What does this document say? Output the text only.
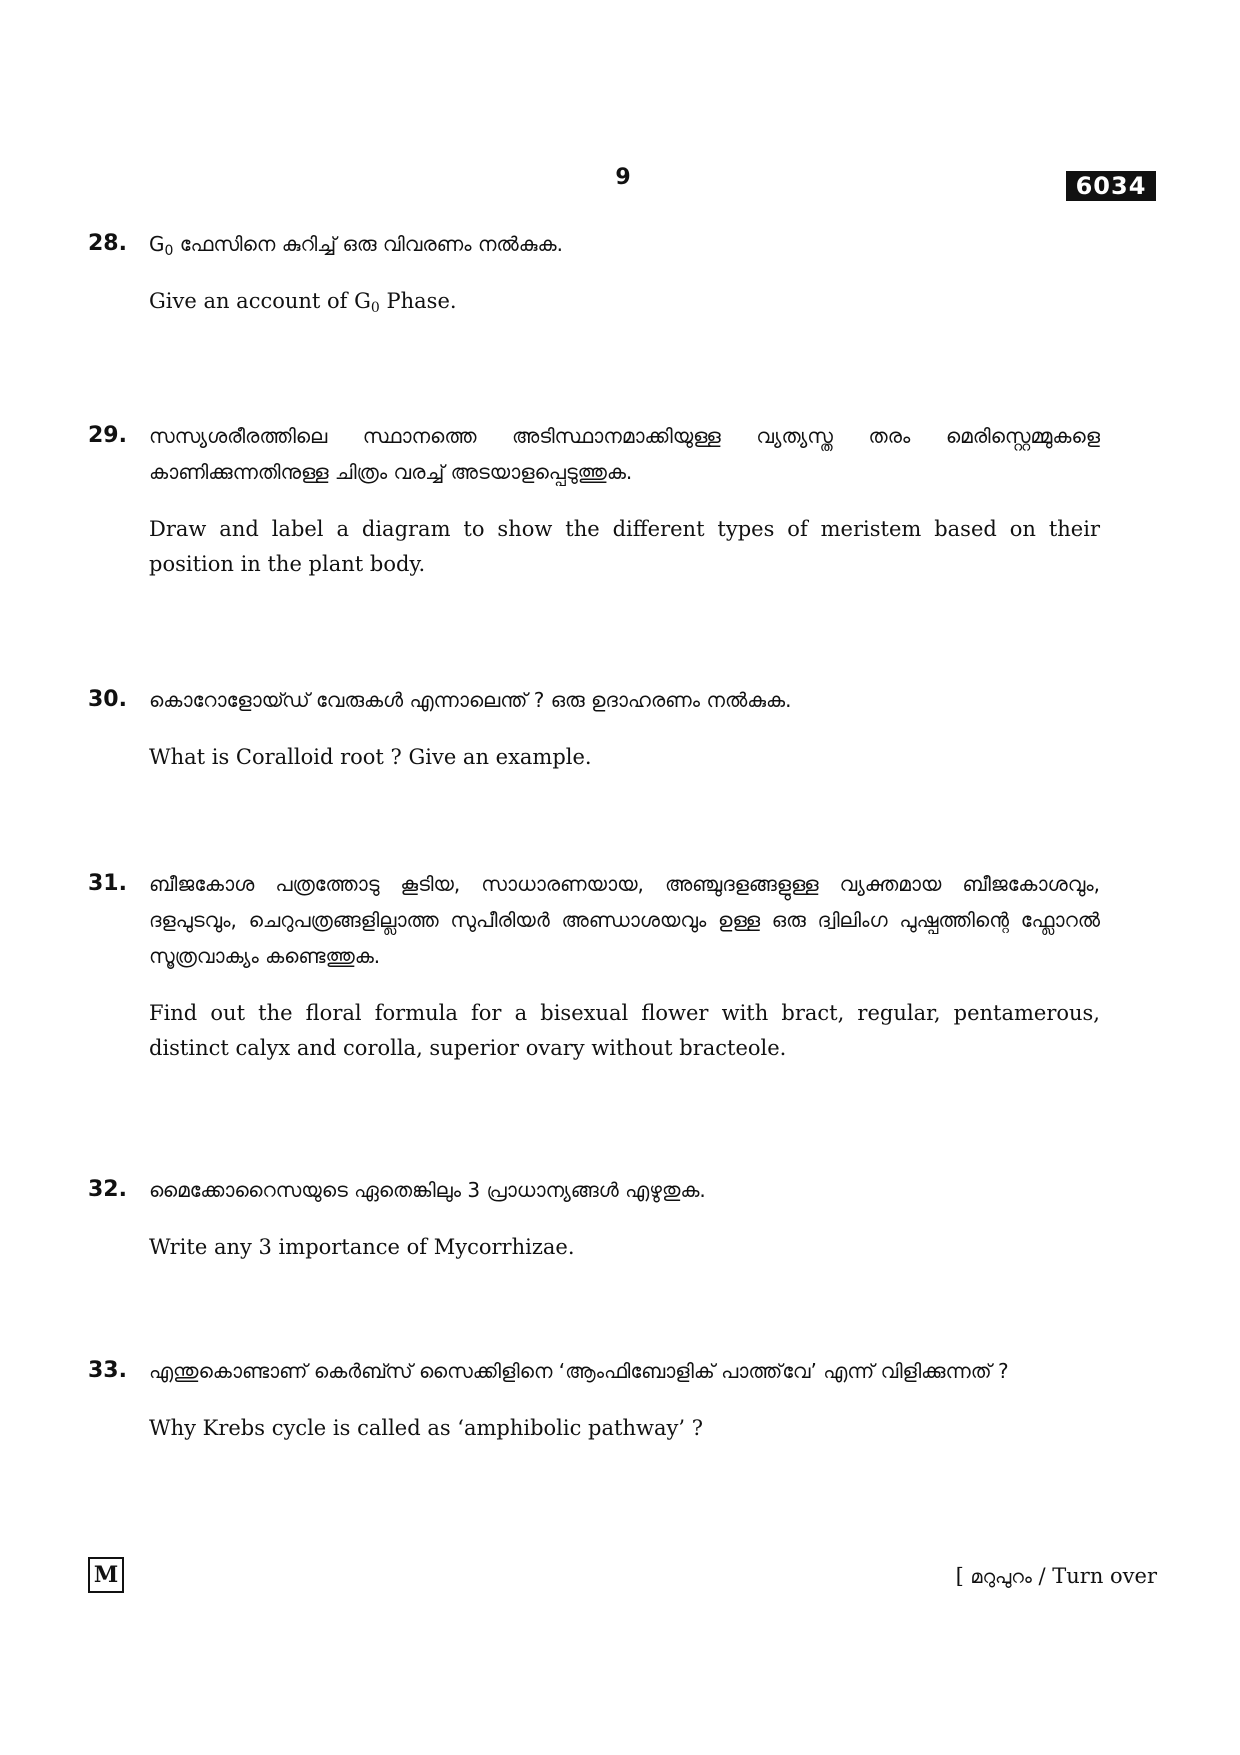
9	6034
28. $G_0$ ഫേസിനെ കുറിച്ച് ഒരു വിവരണം നൽകുക.
Give an account of $G_0$ Phase.
29. സസ്യശരീരത്തിലെ സ്ഥാനത്തെ അടിസ്ഥാനമാക്കിയുള്ള വ്യത്യസ്ത തരം മെരിസ്റ്റെമ്മുകളെ കാണിക്കുന്നതിനുള്ള ചിത്രം വരച്ച് അടയാളപ്പെടുത്തുക.
Draw and label a diagram to show the different types of meristem based on their position in the plant body.
30. കൊറോളോയ്ഡ് വേരുകൾ എന്നാലെന്ത് ? ഒരു ഉദാഹരണം നൽകുക.
What is Coralloid root ? Give an example.
31. ബീജകോശ പത്രത്തോടു കൂടിയ, സാധാരണയായ, അഞ്ചുദളങ്ങളുള്ള വ്യക്തമായ ബീജകോശവും, ദളപുടവും, ചെറുപത്രങ്ങളില്ലാത്ത സുപീരിയർ അണ്ഡാശയവും ഉള്ള ഒരു ദ്വിലിംഗ പുഷ്പത്തിന്റെ ഫ്ലോറൽ സൂത്രവാക്യം കണ്ടെത്തുക.
Find out the floral formula for a bisexual flower with bract, regular, pentamerous, distinct calyx and corolla, superior ovary without bracteole.
32. മൈക്കോറൈസയുടെ ഏതെങ്കിലും 3 പ്രാധാന്യങ്ങൾ എഴുതുക.
Write any 3 importance of Mycorrhizae.
33. എന്തുകൊണ്ടാണ് കെർബ്സ് സൈക്കിളിനെ ‘ആംഫിബോളിക് പാത്ത്‌വേ’ എന്ന് വിളിക്കുന്നത് ?
Why Krebs cycle is called as ‘amphibolic pathway’ ?
M	[ മറുപുറം / Turn over
